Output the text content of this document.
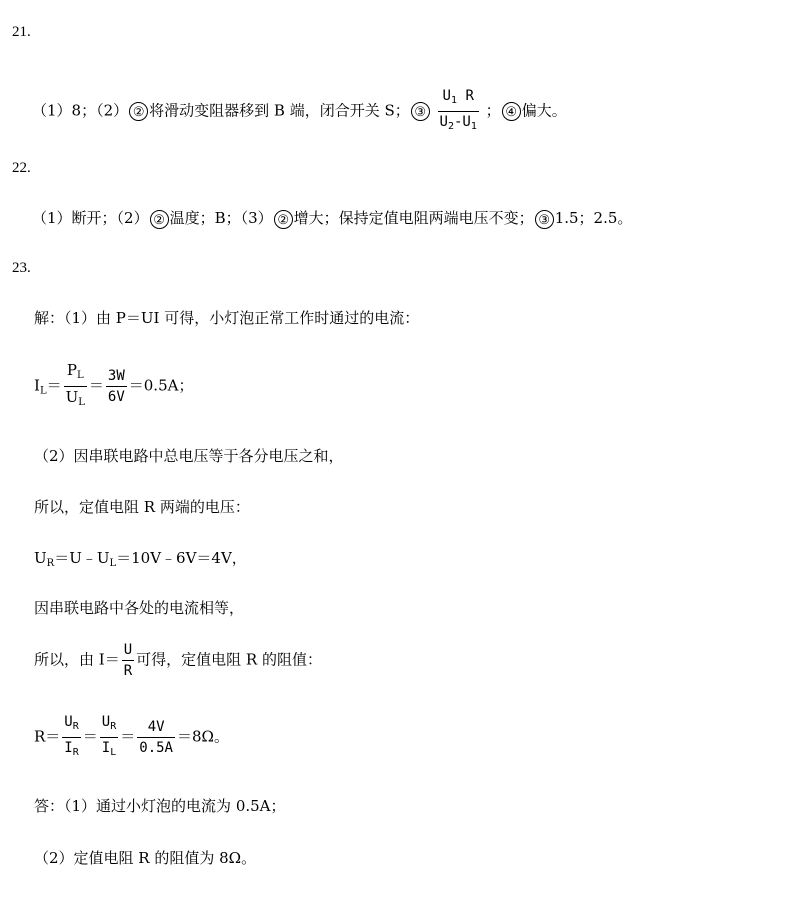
21.
（1）8；（2） ② 将滑动变阻器移到 B 端，闭合开关 S； ③ $\frac{U_1 R}{U_2-U_1}$ ； ④ 偏大。
22.
（1）断开；（2） ② 温度；B；（3） ② 增大；保持定值电阻两端电压不变； ③ 1.5；2.5。
23.
解：（1）由 P＝UI 可得，小灯泡正常工作时通过的电流：
$I_L= \frac{P_L}{U_L} = \frac{3W}{6V} =0.5A$；
（2）因串联电路中总电压等于各分电压之和，
所以，定值电阻 R 两端的电压：
$U_R=U﹣U_L=10V﹣6V=4V$，
因串联电路中各处的电流相等，
所以，由 $I= \frac{U}{R}$ 可得，定值电阻 R 的阻值：
$R= \frac{U_R}{I_R} = \frac{U_R}{I_L} = \frac{4V}{0.5A} =8\Omega$。
答：（1）通过小灯泡的电流为 0.5A；
（2）定值电阻 R 的阻值为 8Ω。
